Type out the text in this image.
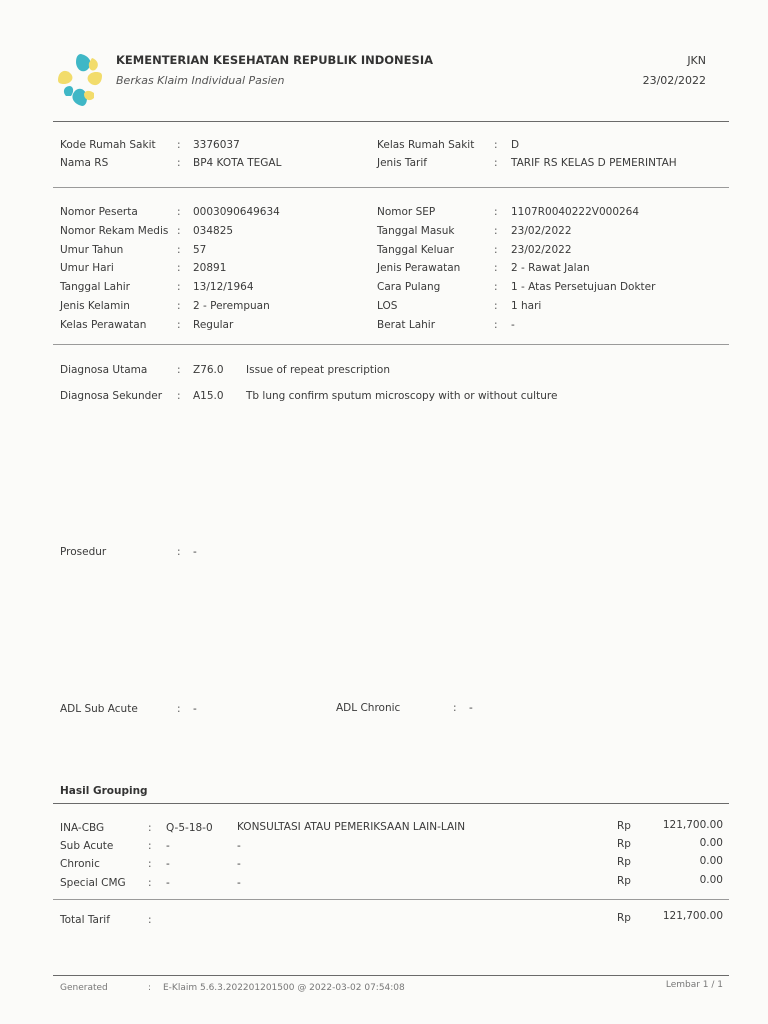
KEMENTERIAN KESEHATAN REPUBLIK INDONESIA
Berkas Klaim Individual Pasien
JKN
23/02/2022
Kode Rumah Sakit : 3376037
Nama RS	: BP4 KOTA TEGAL
Kelas Rumah Sakit : D
Jenis Tarif	: TARIF RS KELAS D PEMERINTAH
Nomor Peserta	: 0003090649634
Nomor Rekam Medis : 034825
Umur Tahun	: 57
Umur Hari	: 20891
Tanggal Lahir	: 13/12/1964
Jenis Kelamin	: 2 - Perempuan
Kelas Perawatan	: Regular
Nomor SEP	: 1107R0040222V000264
Tanggal Masuk	: 23/02/2022
Tanggal Keluar	: 23/02/2022
Jenis Perawatan	: 2 - Rawat Jalan
Cara Pulang	: 1 - Atas Persetujuan Dokter
LOS	: 1 hari
Berat Lahir	: -
Diagnosa Utama	: Z76.0 Issue of repeat prescription
Diagnosa Sekunder : A15.0 Tb lung confirm sputum microscopy with or without culture
Prosedur	: -
ADL Sub Acute	: -	ADL Chronic	: -
Hasil Grouping
INA-CBG	: Q-5-18-0 KONSULTASI ATAU PEMERIKSAAN LAIN-LAIN	Rp	121,700.00
Sub Acute	: -	-	Rp	0.00
Chronic	: -	-	Rp	0.00
Special CMG : -	-	Rp	0.00
Total Tarif	:	Rp	121,700.00
Generated	: E-Klaim 5.6.3.202201201500 @ 2022-03-02 07:54:08	Lembar 1 / 1
